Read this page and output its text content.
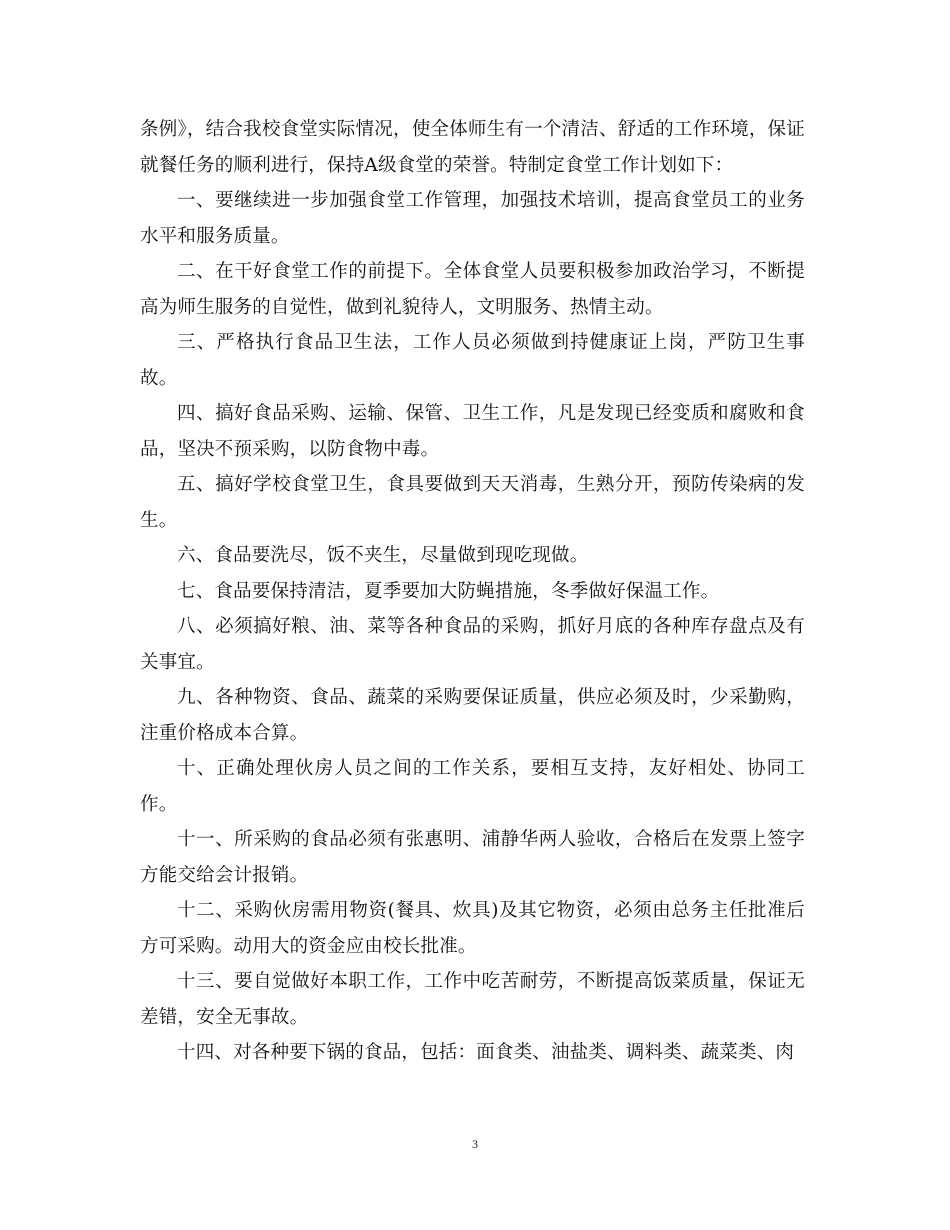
条例》，结合我校食堂实际情况，使全体师生有一个清洁、舒适的工作环境，保证就餐任务的顺利进行，保持A级食堂的荣誉。特制定食堂工作计划如下：

一、要继续进一步加强食堂工作管理，加强技术培训，提高食堂员工的业务水平和服务质量。

二、在干好食堂工作的前提下。全体食堂人员要积极参加政治学习，不断提高为师生服务的自觉性，做到礼貌待人，文明服务、热情主动。

三、严格执行食品卫生法，工作人员必须做到持健康证上岗，严防卫生事故。

四、搞好食品采购、运输、保管、卫生工作，凡是发现已经变质和腐败和食品，坚决不预采购，以防食物中毒。

五、搞好学校食堂卫生，食具要做到天天消毒，生熟分开，预防传染病的发生。

六、食品要洗尽，饭不夹生，尽量做到现吃现做。

七、食品要保持清洁，夏季要加大防蝇措施，冬季做好保温工作。

八、必须搞好粮、油、菜等各种食品的采购，抓好月底的各种库存盘点及有关事宜。

九、各种物资、食品、蔬菜的采购要保证质量，供应必须及时，少采勤购，注重价格成本合算。

十、正确处理伙房人员之间的工作关系，要相互支持，友好相处、协同工作。

十一、所采购的食品必须有张惠明、浦静华两人验收，合格后在发票上签字方能交给会计报销。

十二、采购伙房需用物资(餐具、炊具)及其它物资，必须由总务主任批准后方可采购。动用大的资金应由校长批准。

十三、要自觉做好本职工作，工作中吃苦耐劳，不断提高饭菜质量，保证无差错，安全无事故。

十四、对各种要下锅的食品，包括：面食类、油盐类、调料类、蔬菜类、肉

3
